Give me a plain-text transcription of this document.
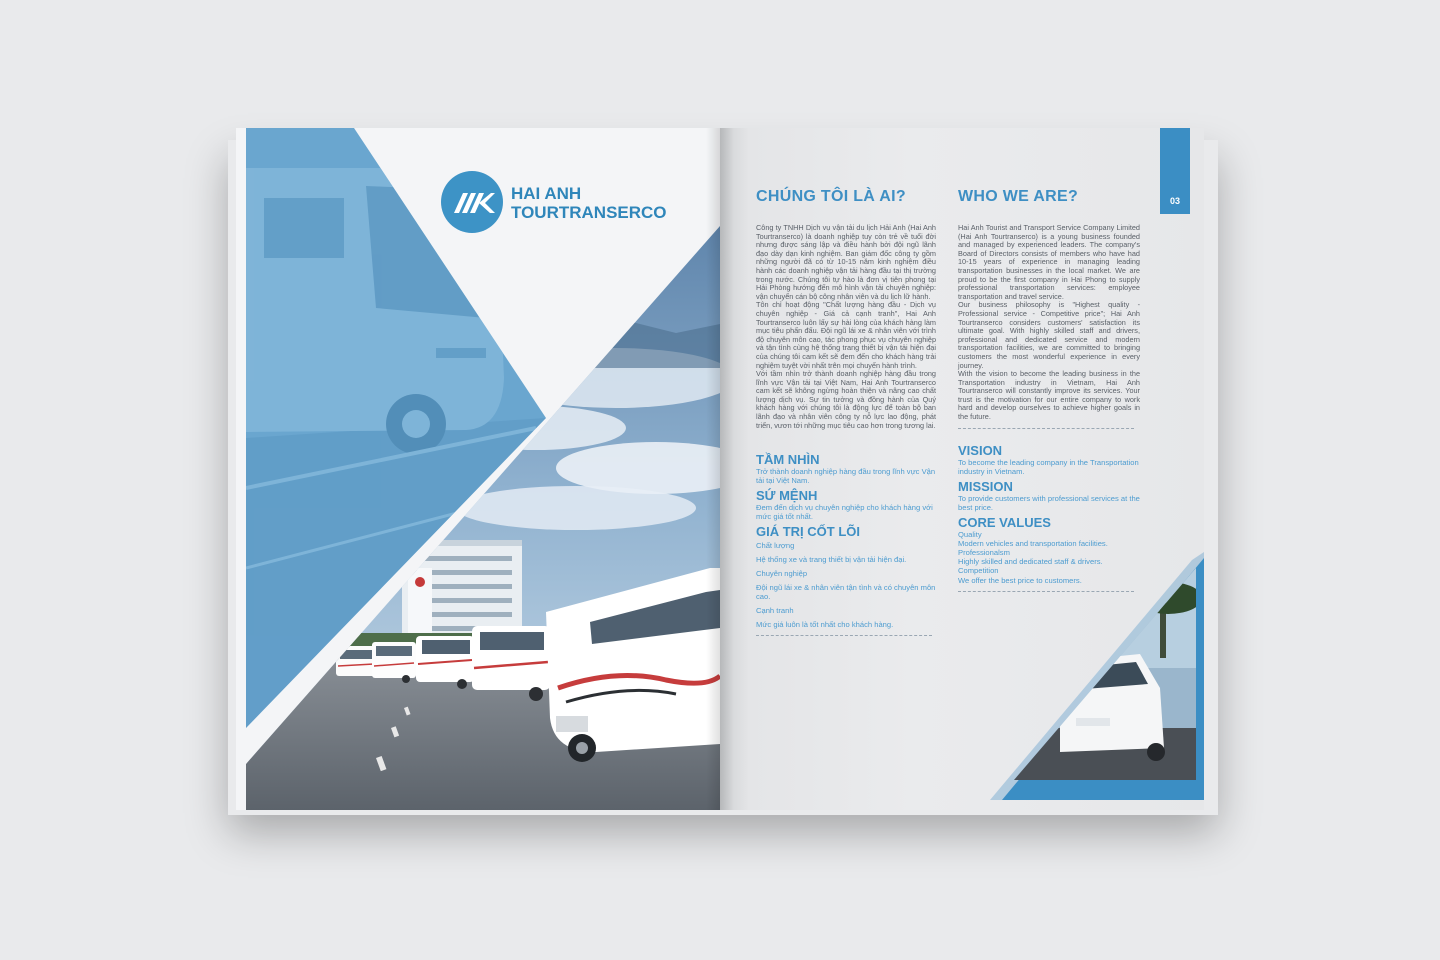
HAI ANH
TOURTRANSERCO
CHÚNG TÔI LÀ AI?

Công ty TNHH Dịch vụ vận tải du lịch Hải Anh (Hai Anh Tourtranserco) là doanh nghiệp tuy còn trẻ về tuổi đời nhưng được sáng lập và điều hành bởi đội ngũ lãnh đạo dày dạn kinh nghiệm. Ban giám đốc công ty gồm những người đã có từ 10-15 năm kinh nghiệm điều hành các doanh nghiệp vận tải hàng đầu tại thị trường trong nước. Chúng tôi tự hào là đơn vị tiên phong tại Hải Phòng hướng đến mô hình vận tải chuyên nghiệp: vận chuyển cán bộ công nhân viên và du lịch lữ hành.

Tôn chỉ hoạt động "Chất lượng hàng đầu - Dịch vụ chuyên nghiệp - Giá cả cạnh tranh", Hai Anh Tourtranserco luôn lấy sự hài lòng của khách hàng làm mục tiêu phấn đấu. Đội ngũ lái xe & nhân viên với trình độ chuyên môn cao, tác phong phục vụ chuyên nghiệp và tận tình cùng hệ thống trang thiết bị vận tải hiện đại của chúng tôi cam kết sẽ đem đến cho khách hàng trải nghiệm tuyệt vời nhất trên mọi chuyến hành trình.

Với tầm nhìn trở thành doanh nghiệp hàng đầu trong lĩnh vực Vận tải tại Việt Nam, Hai Anh Tourtranserco cam kết sẽ không ngừng hoàn thiện và nâng cao chất lượng dịch vụ. Sự tin tưởng và đồng hành của Quý khách hàng với chúng tôi là động lực để toàn bộ ban lãnh đạo và nhân viên công ty nỗ lực lao động, phát triển, vươn tới những mục tiêu cao hơn trong tương lai.

TẦM NHÌN

Trở thành doanh nghiệp hàng đầu trong lĩnh vực Vận tải tại Việt Nam.

SỨ MỆNH

Đem đến dịch vụ chuyên nghiệp cho khách hàng với mức giá tốt nhất.

GIÁ TRỊ CỐT LÕI
Chất lượng
Hệ thống xe và trang thiết bị vận tải hiện đại.
Chuyên nghiệp
Đội ngũ lái xe & nhân viên tận tình và có chuyên môn cao.
Cạnh tranh
Mức giá luôn là tốt nhất cho khách hàng.
WHO WE ARE?

Hai Anh Tourist and Transport Service Company Limited (Hai Anh Tourtranserco) is a young business founded and managed by experienced leaders. The company's Board of Directors consists of members who have had 10-15 years of experience in managing leading transportation businesses in the local market. We are proud to be the first company in Hai Phong to supply professional transportation services: employee transportation and travel service.

Our business philosophy is "Highest quality - Professional service - Competitive price"; Hai Anh Tourtranserco considers customers' satisfaction its ultimate goal. With highly skilled staff and drivers, professional and dedicated service and modern transportation facilities, we are committed to bringing customers the most wonderful experience in every journey.

With the vision to become the leading business in the Transportation industry in Vietnam, Hai Anh Tourtranserco will constantly improve its services. Your trust is the motivation for our entire company to work hard and develop ourselves to achieve higher goals in the future.

VISION

To become the leading company in the Transportation industry in Vietnam.

MISSION

To provide customers with professional services at the best price.

CORE VALUES
Quality
Modern vehicles and transportation facilities.
Professionalsm
Highly skilled and dedicated staff & drivers.
Competition
We offer the best price to customers.
03
